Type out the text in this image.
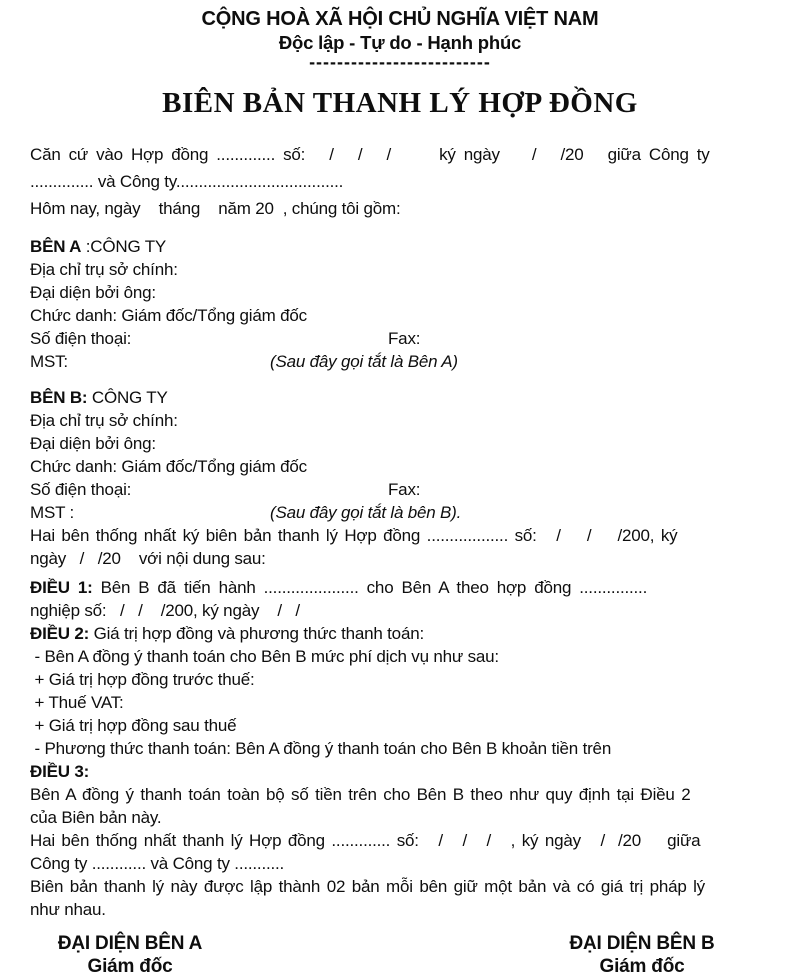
CỘNG HOÀ XÃ HỘI CHỦ NGHĨA VIỆT NAM
Độc lập - Tự do - Hạnh phúc
--------------------------
BIÊN BẢN THANH LÝ HỢP ĐỒNG
Căn cứ vào Hợp đồng ............. số:   /   /   /      ký ngày    /   /20   giữa Công ty
.............. và Công ty.....................................
Hôm nay, ngày    tháng    năm 20  , chúng tôi gồm:
BÊN A :CÔNG TY
Địa chỉ trụ sở chính:
Đại diện bởi ông:
Chức danh: Giám đốc/Tổng giám đốc
Số điện thoại:	Fax:
MST:	(Sau đây gọi tắt là Bên A)
BÊN B: CÔNG TY
Địa chỉ trụ sở chính:
Đại diện bởi ông:
Chức danh: Giám đốc/Tổng giám đốc
Số điện thoại:	Fax:
MST :	(Sau đây gọi tắt là bên B).
Hai bên thống nhất ký biên bản thanh lý Hợp đồng .................. số:   /    /    /200, ký
ngày   /   /20    với nội dung sau:
ĐIỀU 1: Bên B đã tiến hành ..................... cho Bên A theo hợp đồng ...............
nghiệp số:   /   /    /200, ký ngày    /   /
ĐIỀU 2: Giá trị hợp đồng và phương thức thanh toán:
- Bên A đồng ý thanh toán cho Bên B mức phí dịch vụ như sau:
+ Giá trị hợp đồng trước thuế:
+ Thuế VAT:
+ Giá trị hợp đồng sau thuế
- Phương thức thanh toán: Bên A đồng ý thanh toán cho Bên B khoản tiền trên
ĐIỀU 3:
Bên A đồng ý thanh toán toàn bộ số tiền trên cho Bên B theo như quy định tại Điều 2
của Biên bản này.
Hai bên thống nhất thanh lý Hợp đồng ............. số:   /   /   /   , ký ngày   /  /20    giữa
Công ty ............ và Công ty ...........
Biên bản thanh lý này được lập thành 02 bản mỗi bên giữ một bản và có giá trị pháp lý
như nhau.
ĐẠI DIỆN BÊN A
Giám đốc
ĐẠI DIỆN BÊN B
Giám đốc
